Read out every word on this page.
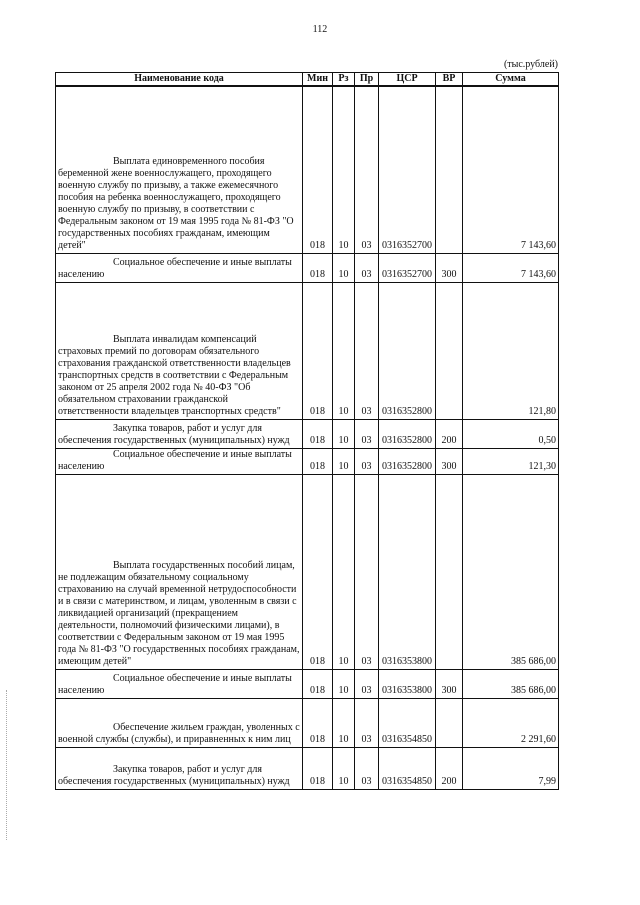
112
(тыс.рублей)
Наименование кода	Мин	Рз	Пр	ЦСР	ВР	Сумма
Выплата единовременного пособия беременной жене военнослужащего, проходящего военную службу по призыву, а также ежемесячного пособия на ребенка военнослужащего, проходящего военную службу по призыву, в соответствии с Федеральным законом от 19 мая 1995 года № 81-ФЗ "О государственных пособиях гражданам, имеющим детей"	018	10	03	0316352700		7 143,60
Социальное обеспечение и иные выплаты населению	018	10	03	0316352700	300	7 143,60
Выплата инвалидам компенсаций страховых премий по договорам обязательного страхования гражданской ответственности владельцев транспортных средств в соответствии с Федеральным законом от 25 апреля 2002 года № 40-ФЗ "Об обязательном страховании гражданской ответственности владельцев транспортных средств"	018	10	03	0316352800		121,80
Закупка товаров, работ и услуг для обеспечения государственных (муниципальных) нужд	018	10	03	0316352800	200	0,50
Социальное обеспечение и иные выплаты населению	018	10	03	0316352800	300	121,30
Выплата государственных пособий лицам, не подлежащим обязательному социальному страхованию на случай временной нетрудоспособности и в связи с материнством, и лицам, уволенным в связи с ликвидацией организаций (прекращением деятельности, полномочий физическими лицами), в соответствии с Федеральным законом от 19 мая 1995 года № 81-ФЗ "О государственных пособиях гражданам, имеющим детей"	018	10	03	0316353800		385 686,00
Социальное обеспечение и иные выплаты населению	018	10	03	0316353800	300	385 686,00
Обеспечение жильем граждан, уволенных с военной службы (службы), и приравненных к ним лиц	018	10	03	0316354850		2 291,60
Закупка товаров, работ и услуг для обеспечения государственных (муниципальных) нужд	018	10	03	0316354850	200	7,99
